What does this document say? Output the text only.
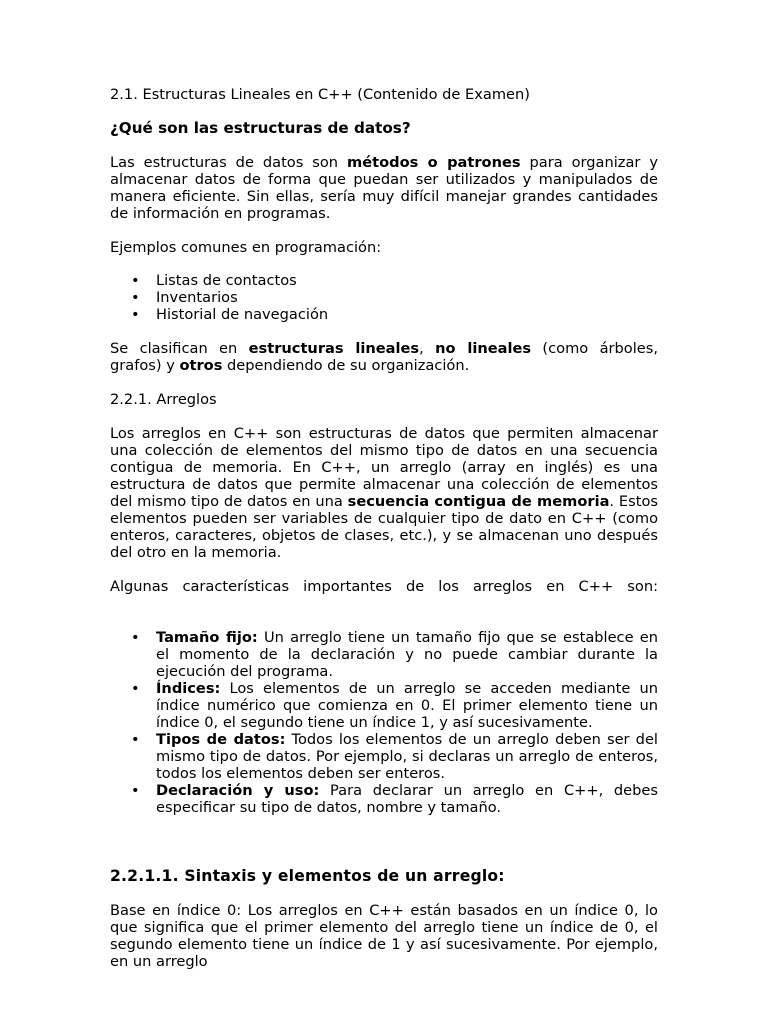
2.1. Estructuras Lineales en C++ (Contenido de Examen)

¿Qué son las estructuras de datos?

Las estructuras de datos son métodos o patrones para organizar y almacenar datos de forma que puedan ser utilizados y manipulados de manera eficiente. Sin ellas, sería muy difícil manejar grandes cantidades de información en programas.

Ejemplos comunes en programación:

• Listas de contactos
• Inventarios
• Historial de navegación

Se clasifican en estructuras lineales, no lineales (como árboles, grafos) y otros dependiendo de su organización.

2.2.1. Arreglos

Los arreglos en C++ son estructuras de datos que permiten almacenar una colección de elementos del mismo tipo de datos en una secuencia contigua de memoria. En C++, un arreglo (array en inglés) es una estructura de datos que permite almacenar una colección de elementos del mismo tipo de datos en una secuencia contigua de memoria. Estos elementos pueden ser variables de cualquier tipo de dato en C++ (como enteros, caracteres, objetos de clases, etc.), y se almacenan uno después del otro en la memoria.

Algunas características importantes de los arreglos en C++ son:

• Tamaño fijo: Un arreglo tiene un tamaño fijo que se establece en el momento de la declaración y no puede cambiar durante la ejecución del programa.
• Índices: Los elementos de un arreglo se acceden mediante un índice numérico que comienza en 0. El primer elemento tiene un índice 0, el segundo tiene un índice 1, y así sucesivamente.
• Tipos de datos: Todos los elementos de un arreglo deben ser del mismo tipo de datos. Por ejemplo, si declaras un arreglo de enteros, todos los elementos deben ser enteros.
• Declaración y uso: Para declarar un arreglo en C++, debes especificar su tipo de datos, nombre y tamaño.

2.2.1.1. Sintaxis y elementos de un arreglo:

Base en índice 0: Los arreglos en C++ están basados en un índice 0, lo que significa que el primer elemento del arreglo tiene un índice de 0, el segundo elemento tiene un índice de 1 y así sucesivamente. Por ejemplo, en un arreglo
